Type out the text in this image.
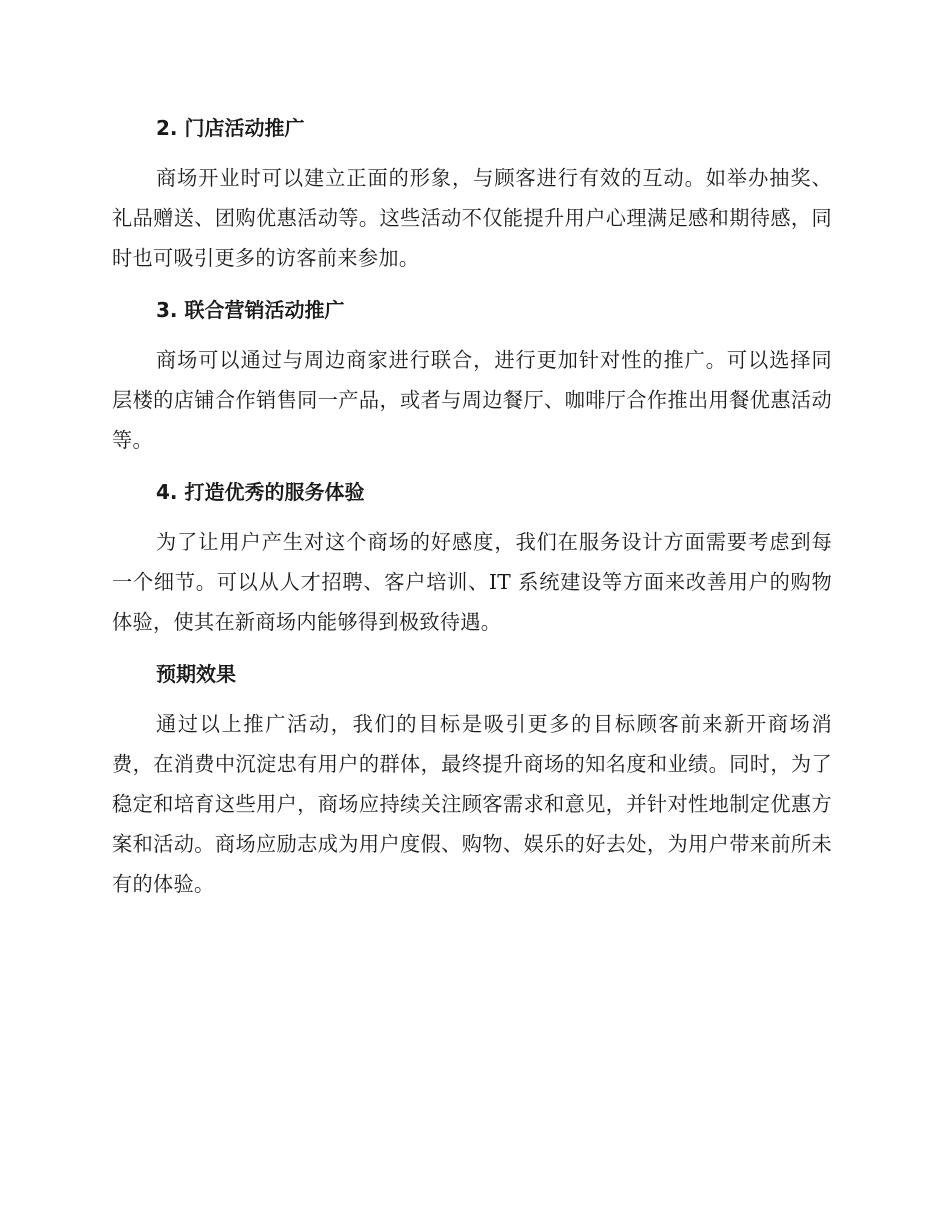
2. 门店活动推广

商场开业时可以建立正面的形象，与顾客进行有效的互动。如举办抽奖、礼品赠送、团购优惠活动等。这些活动不仅能提升用户心理满足感和期待感，同时也可吸引更多的访客前来参加。

3. 联合营销活动推广

商场可以通过与周边商家进行联合，进行更加针对性的推广。可以选择同层楼的店铺合作销售同一产品，或者与周边餐厅、咖啡厅合作推出用餐优惠活动等。

4. 打造优秀的服务体验

为了让用户产生对这个商场的好感度，我们在服务设计方面需要考虑到每一个细节。可以从人才招聘、客户培训、IT 系统建设等方面来改善用户的购物体验，使其在新商场内能够得到极致待遇。

预期效果

通过以上推广活动，我们的目标是吸引更多的目标顾客前来新开商场消费，在消费中沉淀忠有用户的群体，最终提升商场的知名度和业绩。同时，为了稳定和培育这些用户，商场应持续关注顾客需求和意见，并针对性地制定优惠方案和活动。商场应励志成为用户度假、购物、娱乐的好去处，为用户带来前所未有的体验。
